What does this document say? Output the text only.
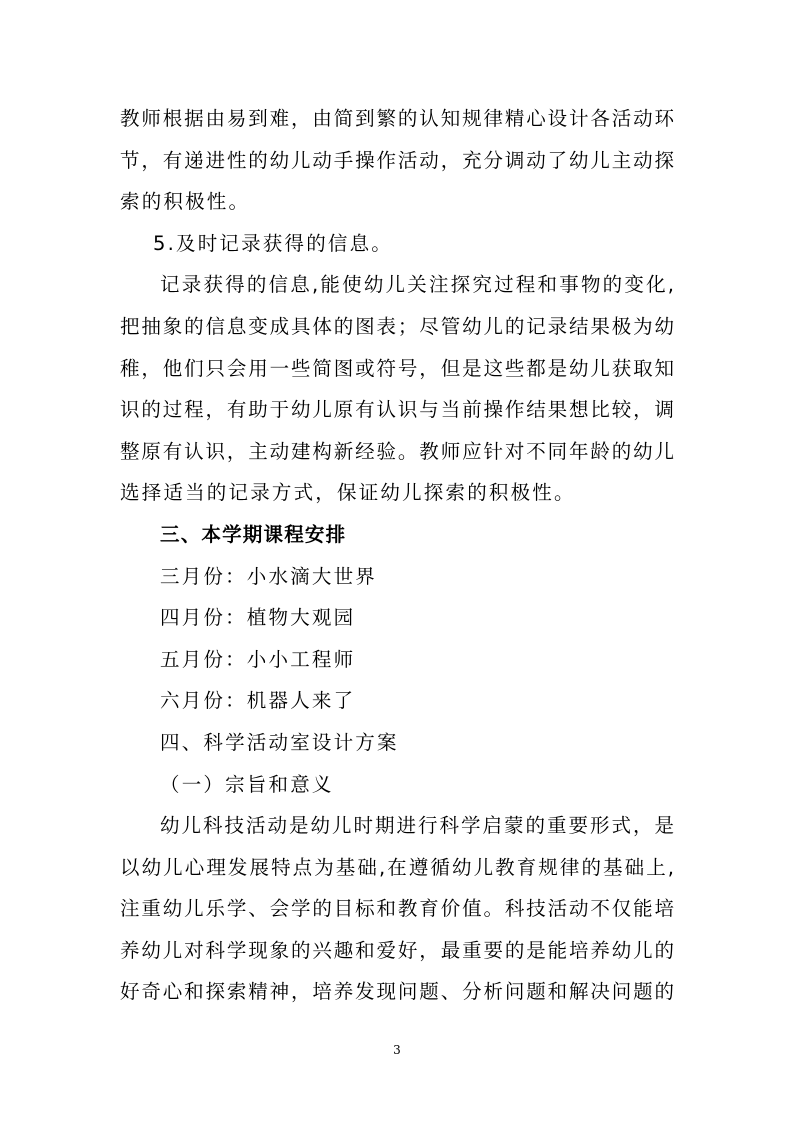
教师根据由易到难，由简到繁的认知规律精心设计各活动环
节，有递进性的幼儿动手操作活动，充分调动了幼儿主动探
索的积极性。
5.及时记录获得的信息。
记录获得的信息,能使幼儿关注探究过程和事物的变化,
把抽象的信息变成具体的图表；尽管幼儿的记录结果极为幼
稚，他们只会用一些简图或符号，但是这些都是幼儿获取知
识的过程，有助于幼儿原有认识与当前操作结果想比较，调
整原有认识，主动建构新经验。教师应针对不同年龄的幼儿
选择适当的记录方式，保证幼儿探索的积极性。
三、本学期课程安排
三月份：小水滴大世界
四月份：植物大观园
五月份：小小工程师
六月份：机器人来了
四、科学活动室设计方案
（一）宗旨和意义
幼儿科技活动是幼儿时期进行科学启蒙的重要形式，是
以幼儿心理发展特点为基础,在遵循幼儿教育规律的基础上,
注重幼儿乐学、会学的目标和教育价值。科技活动不仅能培
养幼儿对科学现象的兴趣和爱好，最重要的是能培养幼儿的
好奇心和探索精神，培养发现问题、分析问题和解决问题的
3
